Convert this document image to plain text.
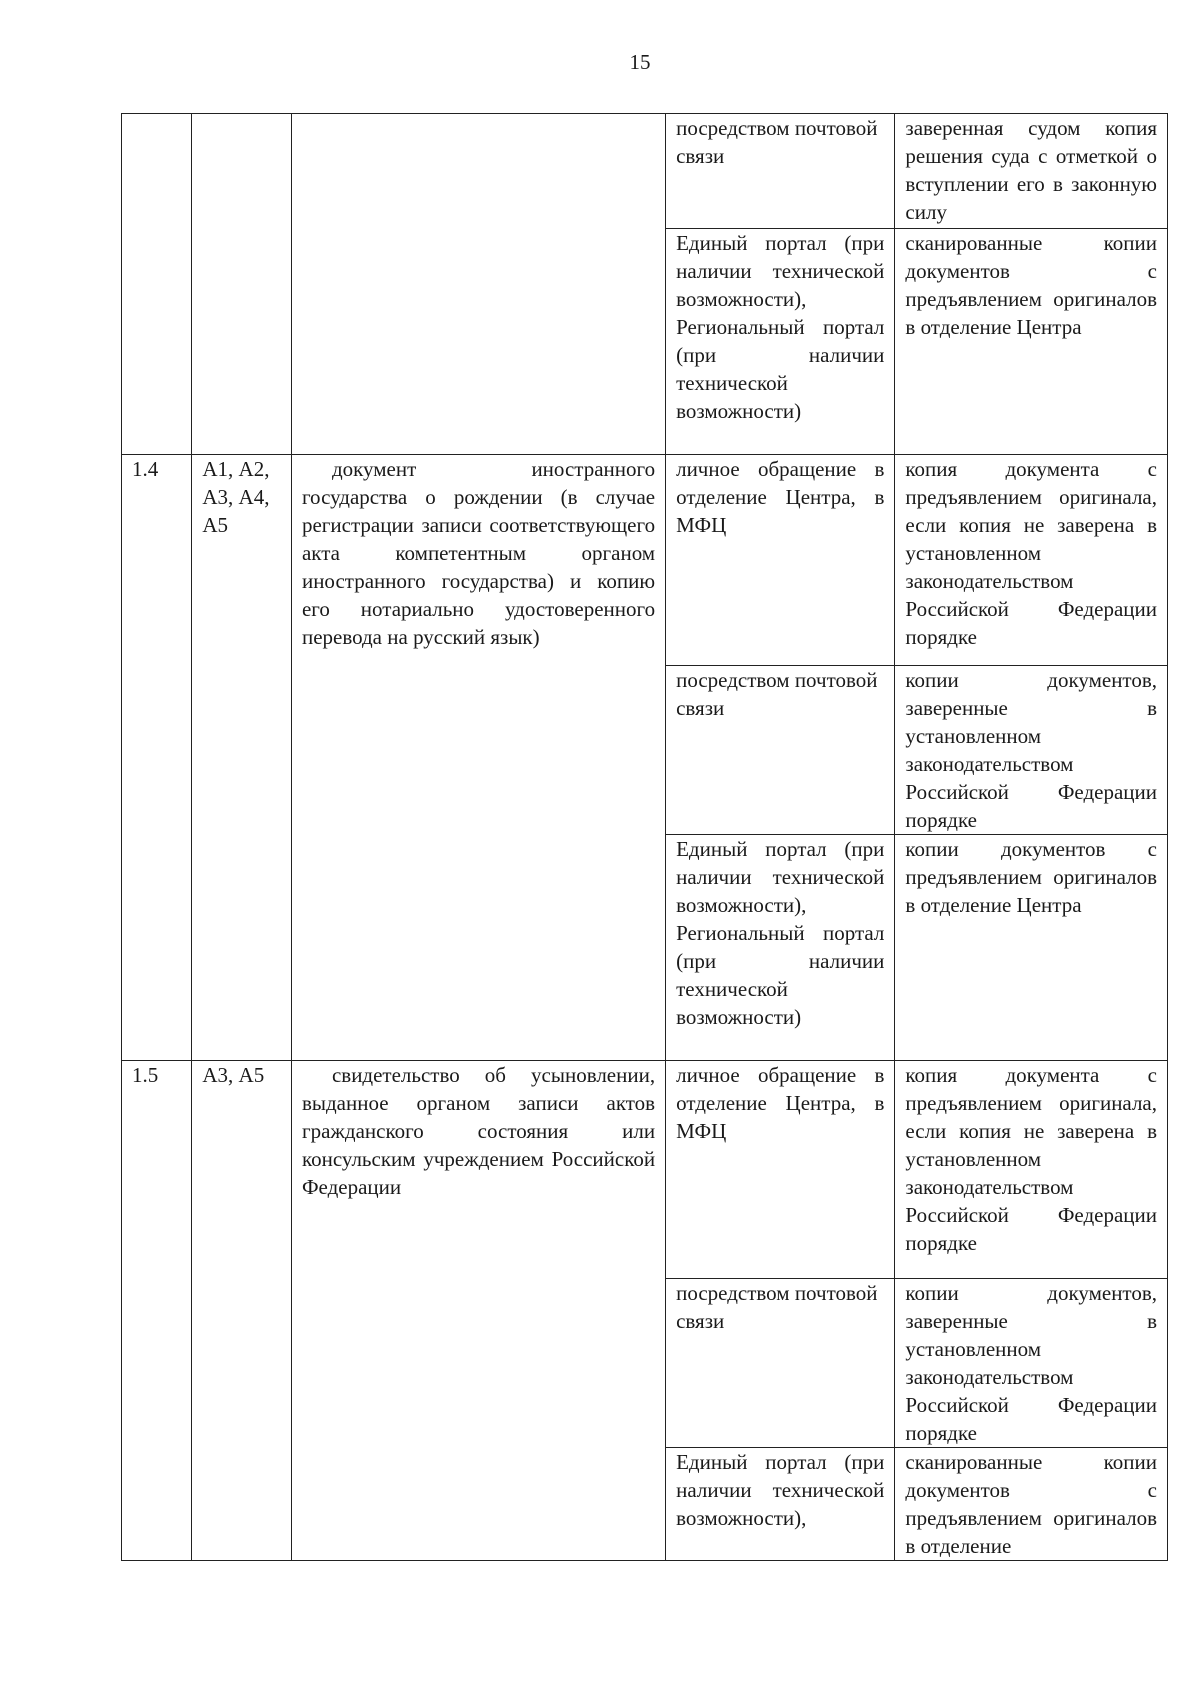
15
			посредством почтовой связи	заверенная судом копия решения суда с отметкой о вступлении его в законную силу
			Единый портал (при наличии технической возможности), Региональный портал (при наличии технической возможности)	сканированные копии документов с предъявлением оригиналов в отделение Центра
1.4	А1, А2, А3, А4, А5	документ иностранного государства о рождении (в случае регистрации записи соответствующего акта компетентным органом иностранного государства) и копию его нотариально удостоверенного перевода на русский язык)	личное обращение в отделение Центра, в МФЦ	копия документа с предъявлением оригинала, если копия не заверена в установленном законодательством Российской Федерации порядке
			посредством почтовой связи	копии документов, заверенные в установленном законодательством Российской Федерации порядке
			Единый портал (при наличии технической возможности), Региональный портал (при наличии технической возможности)	копии документов с предъявлением оригиналов в отделение Центра
1.5	А3, А5	свидетельство об усыновлении, выданное органом записи актов гражданского состояния или консульским учреждением Российской Федерации	личное обращение в отделение Центра, в МФЦ	копия документа с предъявлением оригинала, если копия не заверена в установленном законодательством Российской Федерации порядке
			посредством почтовой связи	копии документов, заверенные в установленном законодательством Российской Федерации порядке
			Единый портал (при наличии технической возможности),	сканированные копии документов с предъявлением оригиналов в отделение
